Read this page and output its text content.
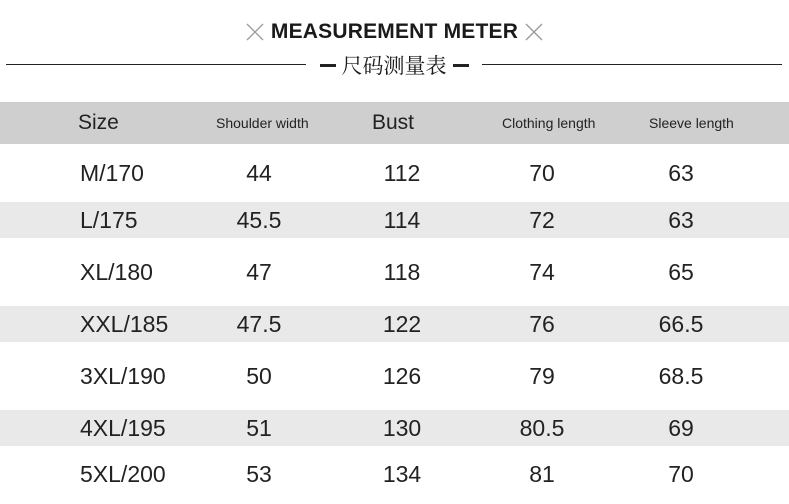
MEASUREMENT METER
尺码测量表
Size	Shoulder width	Bust	Clothing length	Sleeve length
M/170	44	112	70	63
L/175	45.5	114	72	63
XL/180	47	118	74	65
XXL/185	47.5	122	76	66.5
3XL/190	50	126	79	68.5
4XL/195	51	130	80.5	69
5XL/200	53	134	81	70
